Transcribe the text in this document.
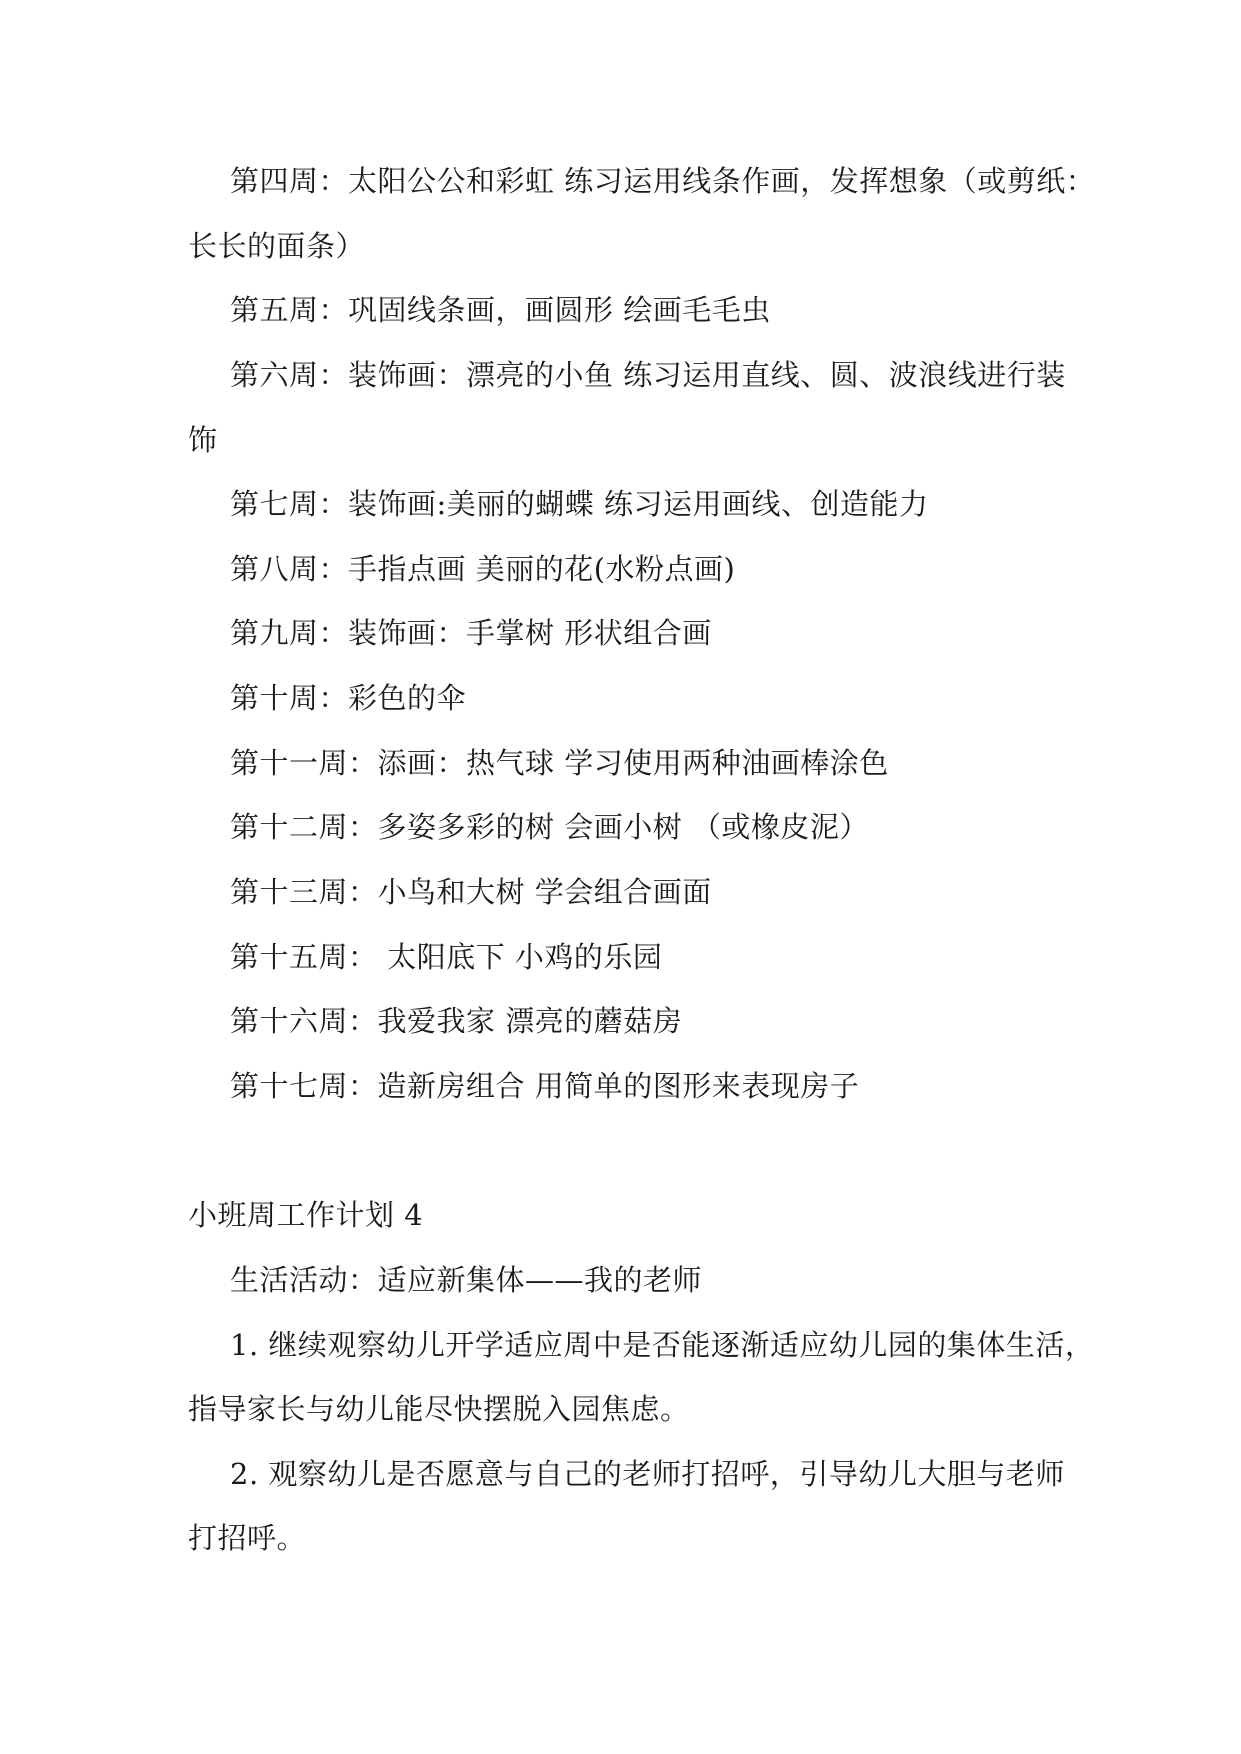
第四周：太阳公公和彩虹 练习运用线条作画，发挥想象（或剪纸：
长长的面条）
第五周：巩固线条画，画圆形 绘画毛毛虫
第六周：装饰画：漂亮的小鱼 练习运用直线、圆、波浪线进行装
饰
第七周：装饰画:美丽的蝴蝶 练习运用画线、创造能力
第八周：手指点画 美丽的花(水粉点画)
第九周：装饰画：手掌树 形状组合画
第十周：彩色的伞
第十一周：添画：热气球 学习使用两种油画棒涂色
第十二周：多姿多彩的树 会画小树 （或橡皮泥）
第十三周：小鸟和大树 学会组合画面
第十五周： 太阳底下 小鸡的乐园
第十六周：我爱我家 漂亮的蘑菇房
第十七周：造新房组合 用简单的图形来表现房子
小班周工作计划 4
生活活动：适应新集体——我的老师
1. 继续观察幼儿开学适应周中是否能逐渐适应幼儿园的集体生活，
指导家长与幼儿能尽快摆脱入园焦虑。
2. 观察幼儿是否愿意与自己的老师打招呼，引导幼儿大胆与老师
打招呼。
